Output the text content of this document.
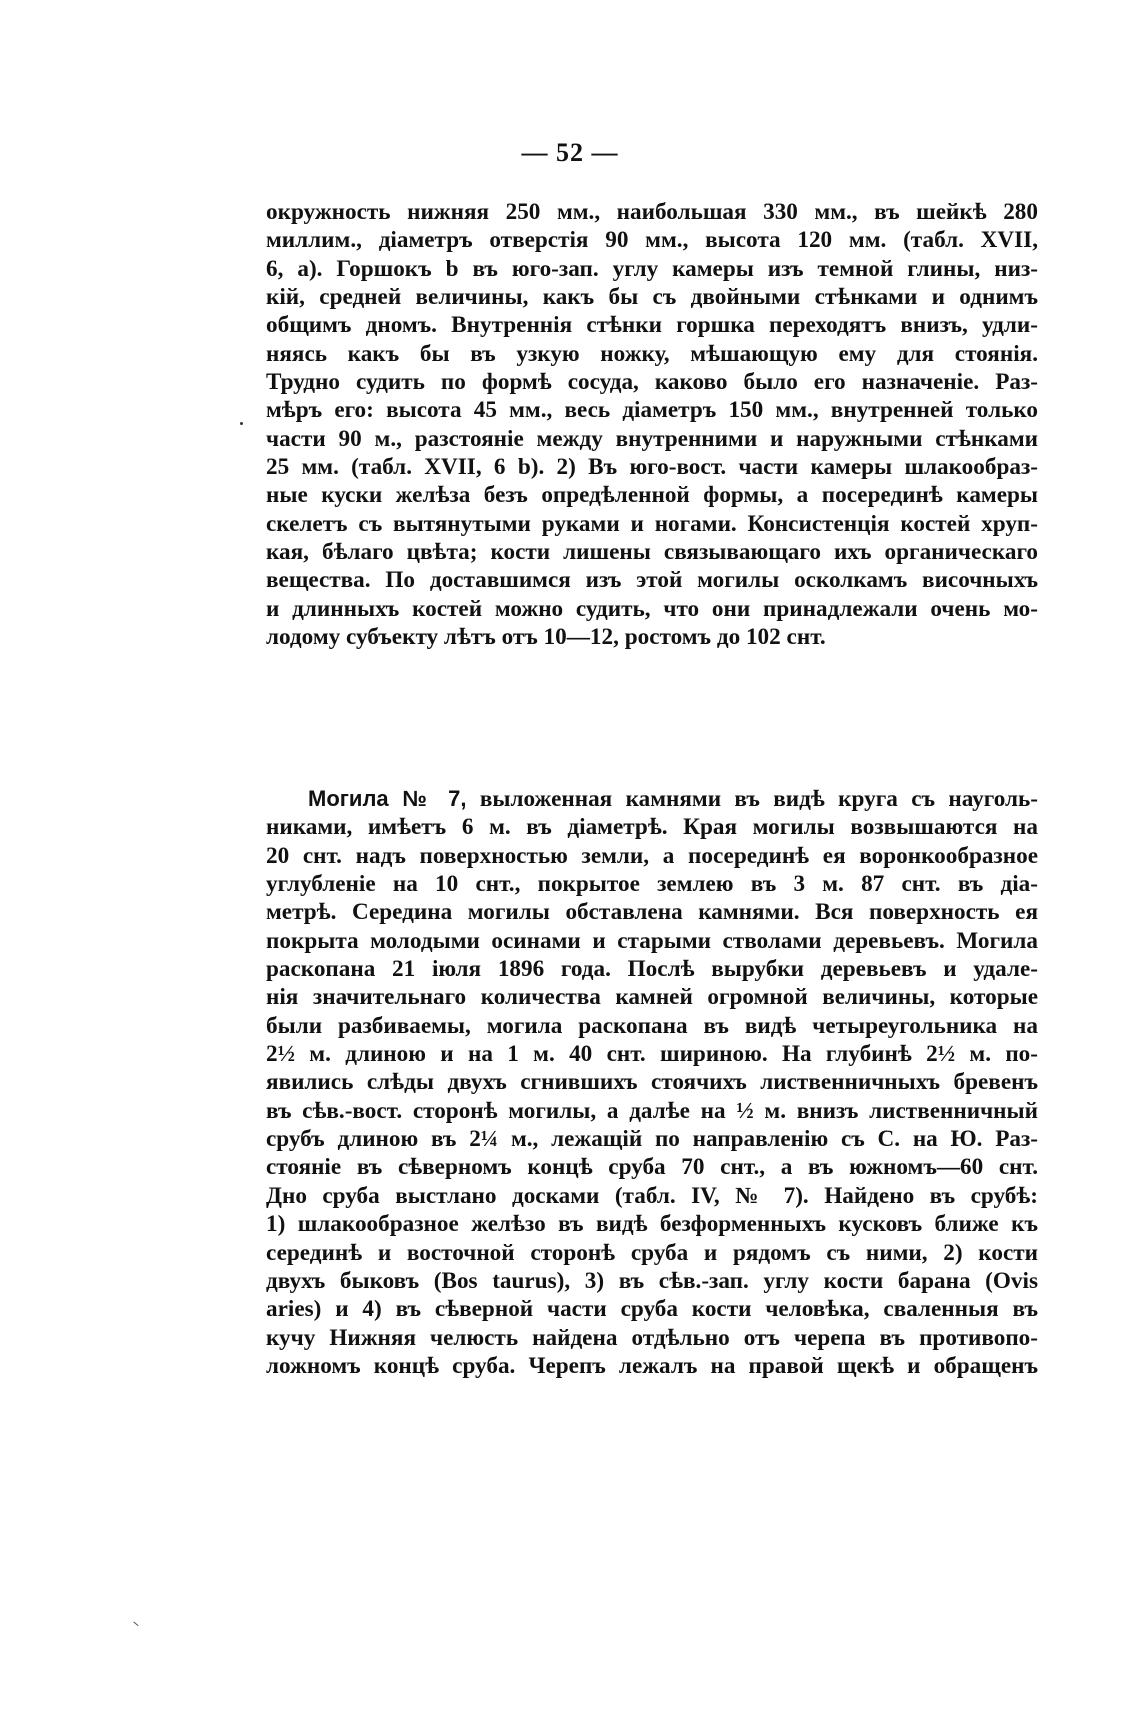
— 52 —
окружность нижняя 250 мм., наибольшая 330 мм., въ шейкѣ 280
миллим., діаметръ отверстія 90 мм., высота 120 мм. (табл. XVII,
6, а). Горшокъ b въ юго-зап. углу камеры изъ темной глины, низ-
кій, средней величины, какъ бы съ двойными стѣнками и однимъ
общимъ дномъ. Внутреннія стѣнки горшка переходятъ внизъ, удли-
няясь какъ бы въ узкую ножку, мѣшающую ему для стоянія.
Трудно судить по формѣ сосуда, каково было его назначеніе. Раз-
мѣръ его: высота 45 мм., весь діаметръ 150 мм., внутренней только
части 90 м., разстояніе между внутренними и наружными стѣнками
25 мм. (табл. XVII, 6 b). 2) Въ юго-вост. части камеры шлакообраз-
ные куски желѣза безъ опредѣленной формы, а посерединѣ камеры
скелетъ съ вытянутыми руками и ногами. Консистенція костей хруп-
кая, бѣлаго цвѣта; кости лишены связывающаго ихъ органическаго
вещества. По доставшимся изъ этой могилы осколкамъ височныхъ
и длинныхъ костей можно судить, что они принадлежали очень мо-
лодому субъекту лѣтъ отъ 10—12, ростомъ до 102 снт.
Могила № 7, выложенная камнями въ видѣ круга съ науголь-
никами, имѣетъ 6 м. въ діаметрѣ. Края могилы возвышаются на
20 снт. надъ поверхностью земли, а посерединѣ ея воронкообразное
углубленіе на 10 снт., покрытое землею въ 3 м. 87 снт. въ діа-
метрѣ. Середина могилы обставлена камнями. Вся поверхность ея
покрыта молодыми осинами и старыми стволами деревьевъ. Могила
раскопана 21 іюля 1896 года. Послѣ вырубки деревьевъ и удале-
нія значительнаго количества камней огромной величины, которые
были разбиваемы, могила раскопана въ видѣ четыреугольника на
2½ м. длиною и на 1 м. 40 снт. шириною. На глубинѣ 2½ м. по-
явились слѣды двухъ сгнившихъ стоячихъ лиственничныхъ бревенъ
въ сѣв.-вост. сторонѣ могилы, а далѣе на ½ м. внизъ лиственничный
срубъ длиною въ 2¼ м., лежащій по направленію съ С. на Ю. Раз-
стояніе въ сѣверномъ концѣ сруба 70 снт., а въ южномъ—60 снт.
Дно сруба выстлано досками (табл. IV, № 7). Найдено въ срубѣ:
1) шлакообразное желѣзо въ видѣ безформенныхъ кусковъ ближе къ
серединѣ и восточной сторонѣ сруба и рядомъ съ ними, 2) кости
двухъ быковъ (Bos taurus), 3) въ сѣв.-зап. углу кости барана (Ovis
aries) и 4) въ сѣверной части сруба кости человѣка, сваленныя въ
кучу Нижняя челюсть найдена отдѣльно отъ черепа въ противопо-
ложномъ концѣ сруба. Черепъ лежалъ на правой щекѣ и обращенъ
